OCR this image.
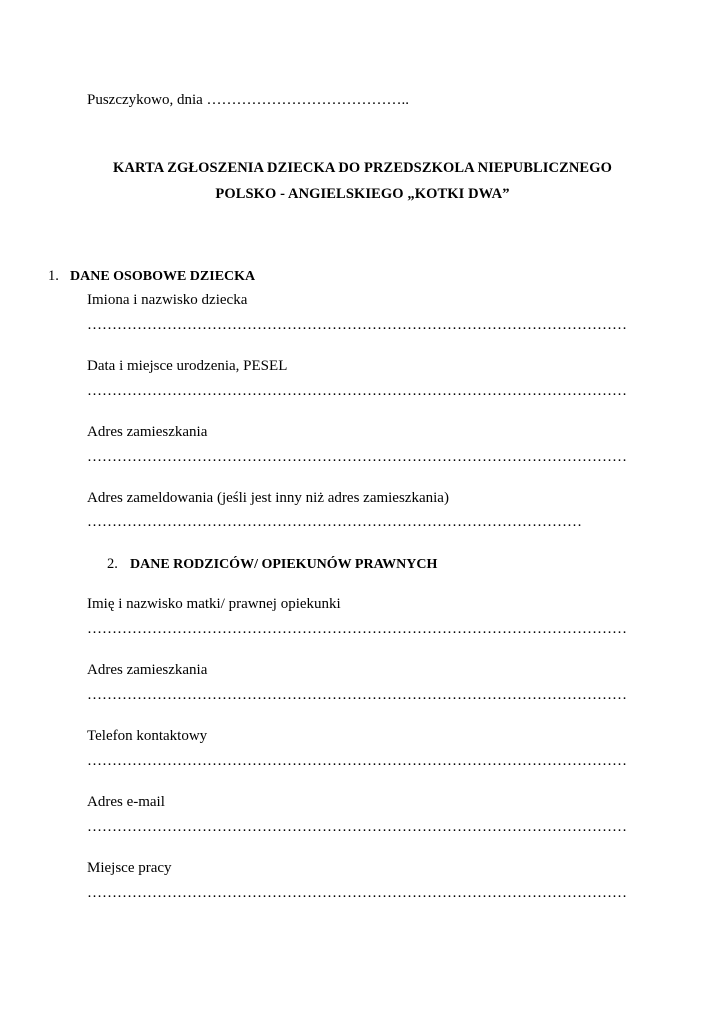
Puszczykowo, dnia …………………………………..
KARTA ZGŁOSZENIA DZIECKA DO PRZEDSZKOLA NIEPUBLICZNEGO
POLSKO - ANGIELSKIEGO „KOTKI DWA”
1. DANE OSOBOWE DZIECKA
Imiona i nazwisko dziecka
………………………………………………………………………………………………
Data i miejsce urodzenia, PESEL
………………………………………………………………………………………………
Adres zamieszkania
………………………………………………………………………………………………
Adres zameldowania (jeśli jest inny niż adres zamieszkania)
………………………………………………………………………………………
2. DANE RODZICÓW/ OPIEKUNÓW PRAWNYCH
Imię i nazwisko matki/ prawnej opiekunki
………………………………………………………………………………………………
Adres zamieszkania
………………………………………………………………………………………………
Telefon kontaktowy
………………………………………………………………………………………………
Adres e-mail
………………………………………………………………………………………………
Miejsce pracy
………………………………………………………………………………………………
